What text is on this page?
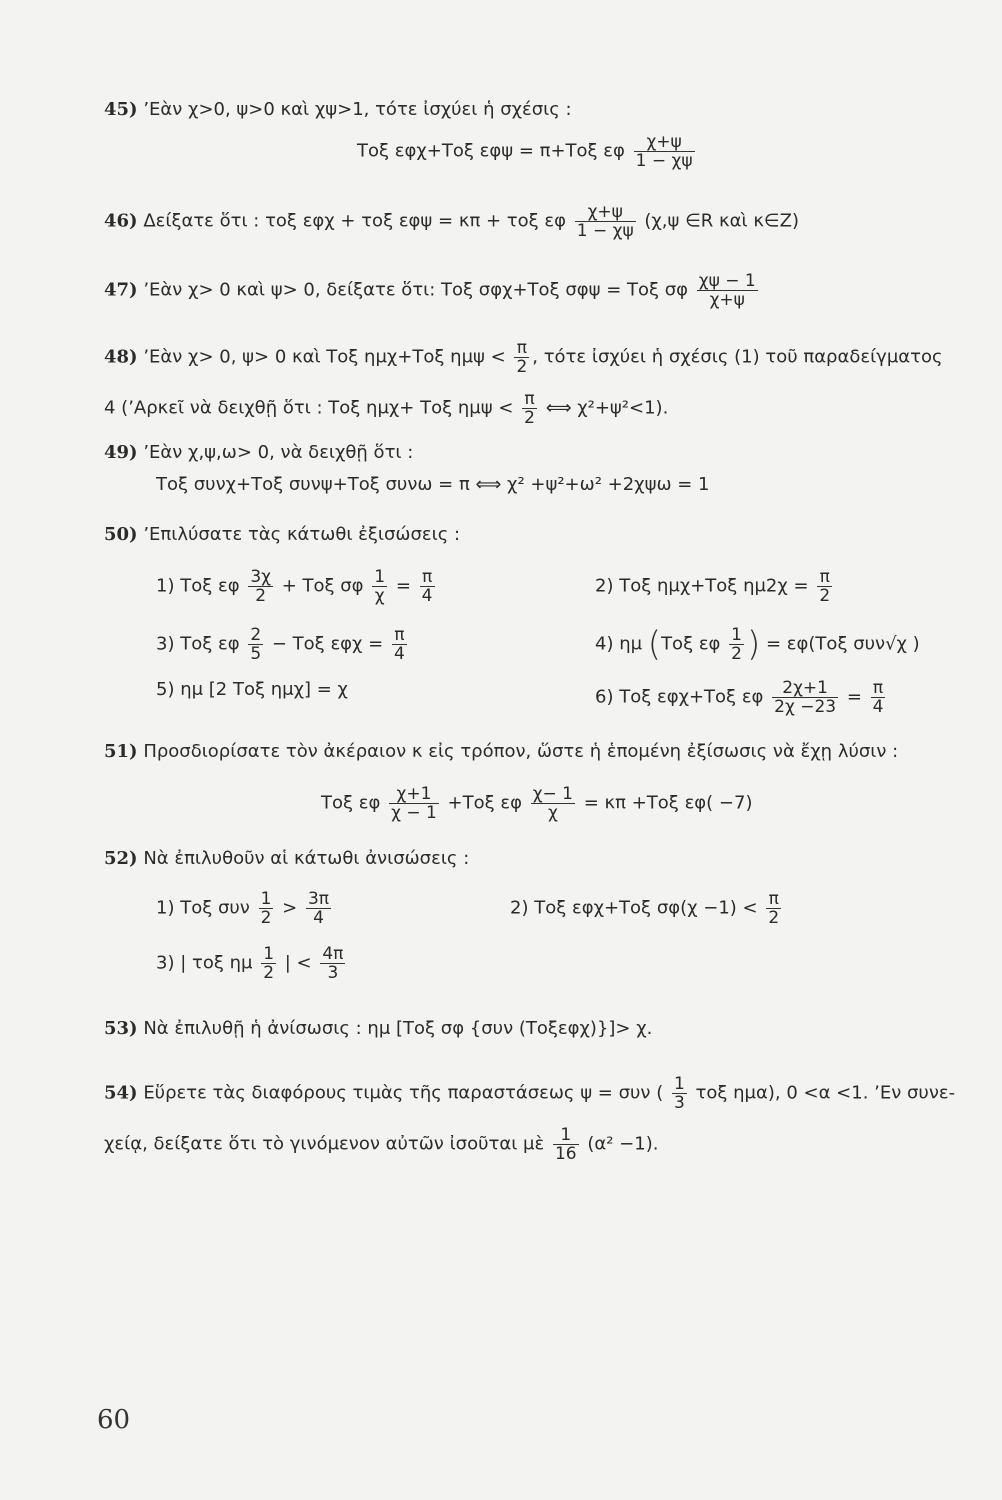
45) ’Εὰν χ>0, ψ>0 καὶ χψ>1, τότε ἰσχύει ἡ σχέσις :
Τοξ εφχ+Τοξ εφψ = π+Τοξ εφ $\frac{\chi+\psi}{1 - \chi\psi}$
46) Δείξατε ὅτι : τοξ εφχ + τοξ εφψ = κπ + τοξ εφ $\frac{\chi+\psi}{1 - \chi\psi} (\chi,\psi$ ∈R καὶ κ∈Z)
47) ’Εὰν χ> 0 καὶ ψ> 0, δείξατε ὅτι: Τοξ σφχ+Τοξ σφψ = Τοξ σφ $\frac{\chi\psi - 1}{\chi+\psi}$
48) ’Εὰν χ> 0, ψ> 0 καὶ Τοξ ημχ+Τοξ $\eta\mu\psi < \frac{\pi}{2}$ , τότε ἰσχύει ἡ σχέσις (1) τοῦ παραδείγματος
4 (’Αρκεῖ νὰ δειχθῇ ὅτι : Τοξ ημχ+ Τοξ $\eta\mu\psi < \frac{\pi}{2}$ ⟺ χ²+ψ²<1).
49) ’Εὰν χ,ψ,ω> 0, νὰ δειχθῇ ὅτι :
Τοξ συνχ+Τοξ συνψ+Τοξ συνω = π ⟺ χ² +ψ²+ω² +2χψω = 1
50) ’Επιλύσατε τὰς κάτωθι ἐξισώσεις :
1) Τοξ εφ $\frac{3\chi}{2} + To\xi$ σφ $\frac{1}{\chi} = \frac{\pi}{4}$	2) Τοξ ημχ+Τοξ $\eta\mu 2\chi = \frac{\pi}{2}$
3) Τοξ εφ $\frac{2}{5} - To\xi$ $\varepsilon\varphi\chi = \frac{\pi}{4}$	4) ημ (Τοξ εφ $\frac{1}{2}$ ) = εφ(Τοξ συν√χ )
5) ημ [2 Τοξ ημχ] = χ	6) Τοξ εφχ+Τοξ εφ $\frac{2\chi+1}{2\chi -23} = \frac{\pi}{4}$
51) Προσδιορίσατε τὸν ἀκέραιον κ εἰς τρόπον, ὥστε ἡ ἑπομένη ἐξίσωσις νὰ ἔχῃ λύσιν :
Τοξ εφ $\frac{\chi+1}{\chi - 1} +To\xi$ εφ $\frac{\chi- 1}{\chi} = \kappa\pi +To\xi$ εφ( −7)
52) Νὰ ἐπιλυθοῦν αἱ κάτωθι ἀνισώσεις :
1) Τοξ συν $\frac{1}{2} > \frac{3\pi}{4}$	2) Τοξ εφχ+Τοξ $\sigma\varphi(\chi -1) < \frac{\pi}{2}$
3) | τοξ ημ $\frac{1}{2}$ | < $\frac{4\pi}{3}$
53) Νὰ ἐπιλυθῇ ἡ ἀνίσωσις : ημ [Τοξ σφ {συν (Τοξεφχ)}]> χ.
54) Εὕρετε τὰς διαφόρους τιμὰς τῆς παραστάσεως ψ = συν ( $\frac{1}{3}$ τοξ ημα), 0 <α <1. ’Εν συνε-
χείᾳ, δείξατε ὅτι τὸ γινόμενον αὐτῶν ἰσοῦται μὲ $\frac{1}{16} (\alpha^2 -1)$.
60
